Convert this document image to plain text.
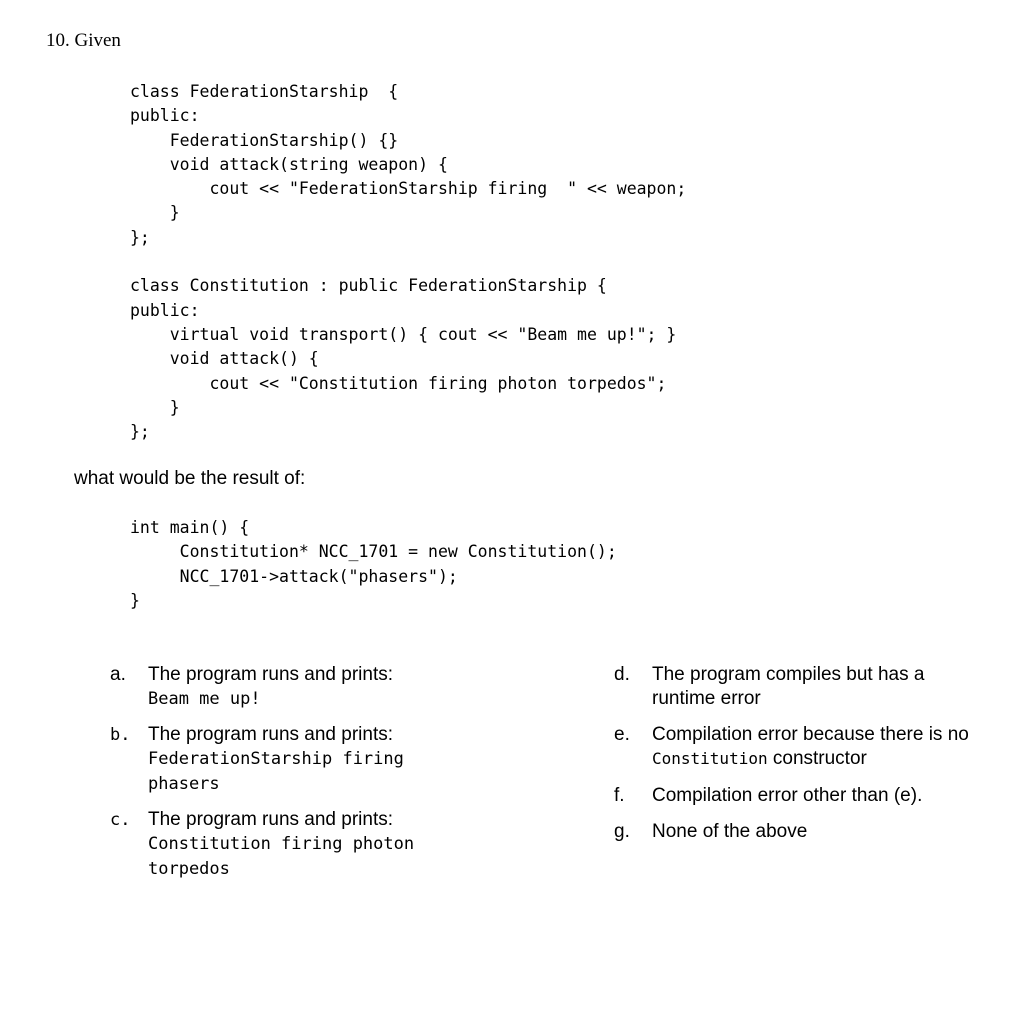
10. Given
class FederationStarship  {
public:
FederationStarship() {}
void attack(string weapon) {
cout << "FederationStarship firing  " << weapon;
}
};

class Constitution : public FederationStarship {
public:
virtual void transport() { cout << "Beam me up!"; }
void attack() {
cout << "Constitution firing photon torpedos";
}
};
what would be the result of:
int main() {
Constitution* NCC_1701 = new Constitution();
NCC_1701->attack("phasers");
}
a. The program runs and prints:
Beam me up!
b. The program runs and prints:
FederationStarship firing
phasers
c. The program runs and prints:
Constitution firing photon
torpedos
d. The program compiles but has a
runtime error
e. Compilation error because there is no
Constitution constructor
f. Compilation error other than (e).
g. None of the above
